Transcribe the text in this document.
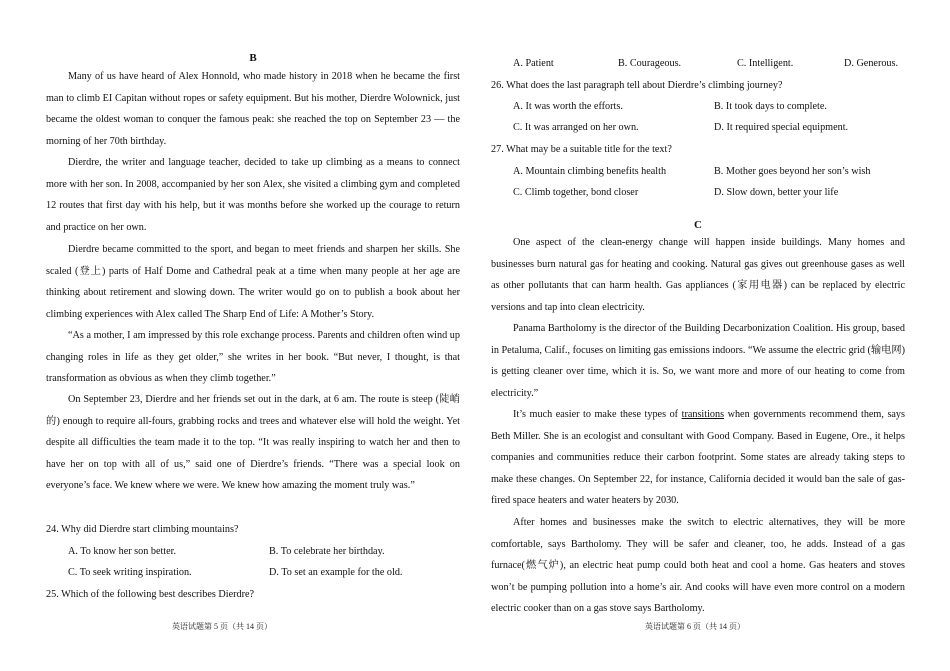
B

Many of us have heard of Alex Honnold, who made history in 2018 when he became the first man to climb EI Capitan without ropes or safety equipment. But his mother, Dierdre Wolownick, just became the oldest woman to conquer the famous peak: she reached the top on September 23 — the morning of her 70th birthday.

Dierdre, the writer and language teacher, decided to take up climbing as a means to connect more with her son. In 2008, accompanied by her son Alex, she visited a climbing gym and completed 12 routes that first day with his help, but it was months before she worked up the courage to return and practice on her own.

Dierdre became committed to the sport, and began to meet friends and sharpen her skills. She scaled (登上) parts of Half Dome and Cathedral peak at a time when many people at her age are thinking about retirement and slowing down. The writer would go on to publish a book about her climbing experiences with Alex called The Sharp End of Life: A Mother’s Story.

“As a mother, I am impressed by this role exchange process. Parents and children often wind up changing roles in life as they get older,” she writes in her book. “But never, I thought, is that transformation as obvious as when they climb together.”

On September 23, Dierdre and her friends set out in the dark, at 6 am. The route is steep (陡峭的) enough to require all-fours, grabbing rocks and trees and whatever else will hold the weight. Yet despite all difficulties the team made it to the top. “It was really inspiring to watch her and then to have her on top with all of us,” said one of Dierdre’s friends. “There was a special look on everyone’s face. We knew where we were. We knew how amazing the moment truly was.”

24. Why did Dierdre start climbing mountains?
A. To know her son better.	B. To celebrate her birthday.
C. To seek writing inspiration.	D. To set an example for the old.
25. Which of the following best describes Dierdre?
英语试题第 5 页（共 14 页）
A. Patient	B. Courageous.	C. Intelligent.	D. Generous.
26. What does the last paragraph tell about Dierdre’s climbing journey?
A. It was worth the efforts.	B. It took days to complete.
C. It was arranged on her own.	D. It required special equipment.
27. What may be a suitable title for the text?
A. Mountain climbing benefits health	B. Mother goes beyond her son’s wish
C. Climb together, bond closer	D. Slow down, better your life
C

One aspect of the clean-energy change will happen inside buildings. Many homes and businesses burn natural gas for heating and cooking. Natural gas gives out greenhouse gases as well as other pollutants that can harm health. Gas appliances (家用电器) can be replaced by electric versions and tap into clean electricity.

Panama Bartholomy is the director of the Building Decarbonization Coalition. His group, based in Petaluma, Calif., focuses on limiting gas emissions indoors. “We assume the electric grid (输电网) is getting cleaner over time, which it is. So, we want more and more of our heating to come from electricity.”

It’s much easier to make these types of transitions when governments recommend them, says Beth Miller. She is an ecologist and consultant with Good Company. Based in Eugene, Ore., it helps companies and communities reduce their carbon footprint. Some states are already taking steps to make these changes. On September 22, for instance, California decided it would ban the sale of gas-fired space heaters and water heaters by 2030.

After homes and businesses make the switch to electric alternatives, they will be more comfortable, says Bartholomy. They will be safer and cleaner, too, he adds. Instead of a gas furnace(燃气炉), an electric heat pump could both heat and cool a home. Gas heaters and stoves won’t be pumping pollution into a home’s air. And cooks will have even more control on a modern electric cooker than on a gas stove says Bartholomy.

英语试题第 6 页（共 14 页）
